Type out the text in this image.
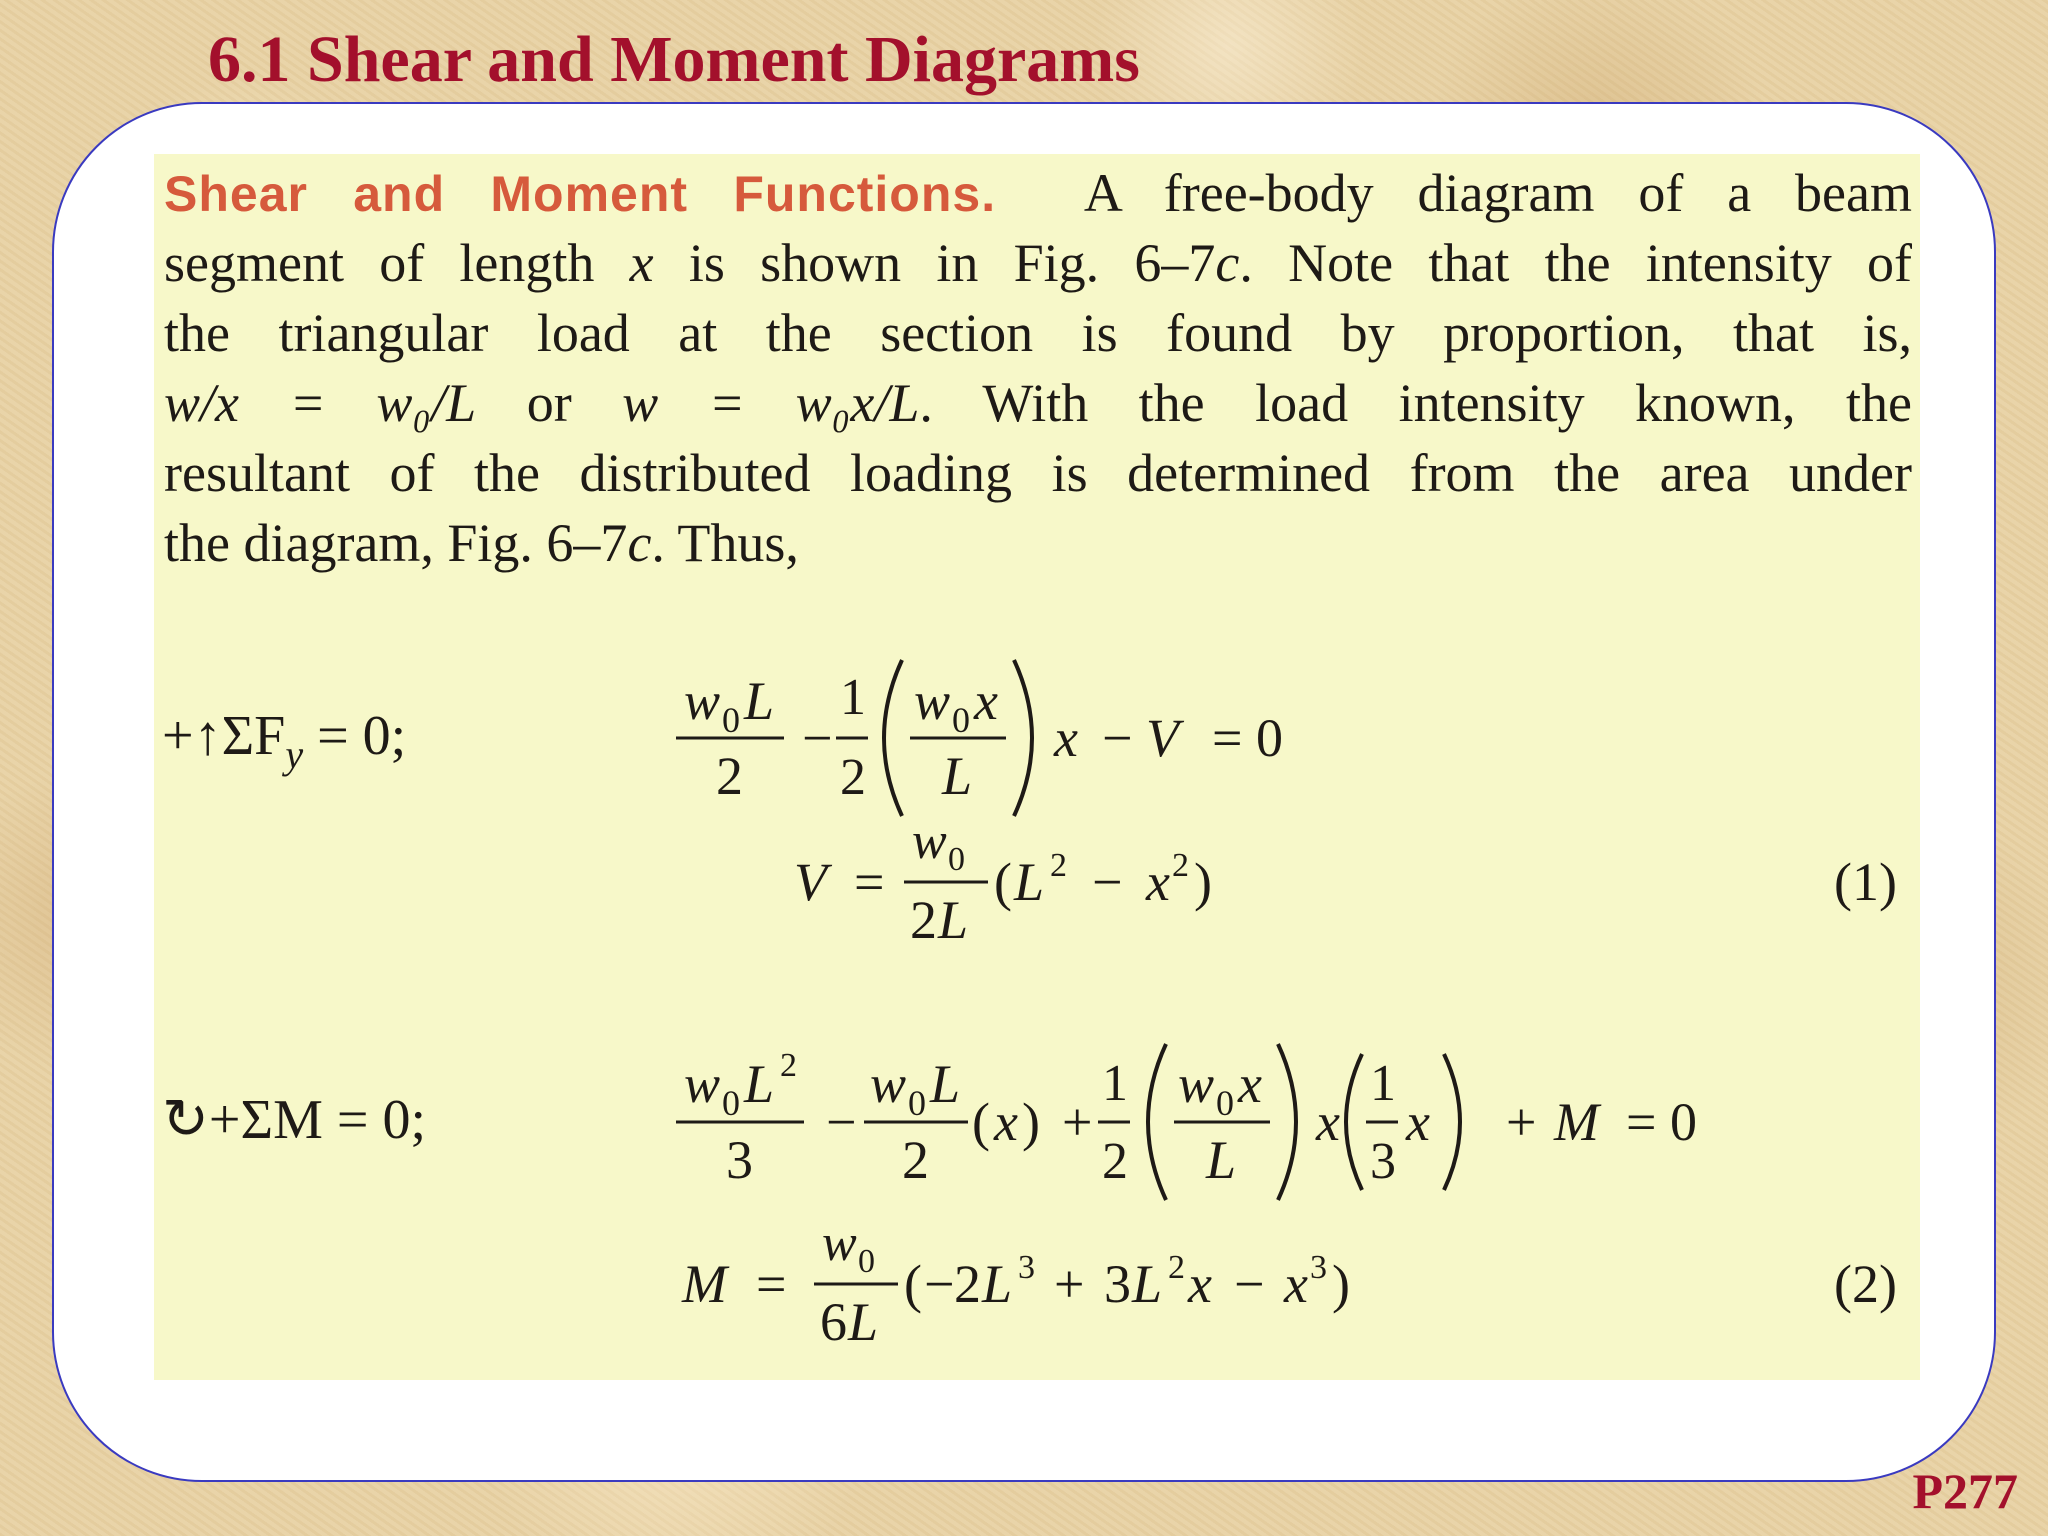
6.1 Shear and Moment Diagrams

Shear and Moment Functions. A free-body diagram of a beam
segment of length x is shown in Fig. 6–7c. Note that the intensity of
the triangular load at the section is found by proportion, that is,
w/x = w₀/L or w = w₀x/L. With the load intensity known, the
resultant of the distributed loading is determined from the area under
the diagram, Fig. 6–7c. Thus,

$+↑\Sigma F_y = 0$;
w 0 L
2
−
1
2
w 0 x
L
x − V = 0
V =
w 0
2 L
( L 2 − x 2 )	(1)
↻+ΣM = 0;
w 0 L 2
3
−
w 0 L
2
( x ) +
1
2
w 0 x
L
x
1
3
x + M = 0
M =
w 0
6 L
( − 2 L 3 + 3 L 2 x − x 3 )	(2)

P277
